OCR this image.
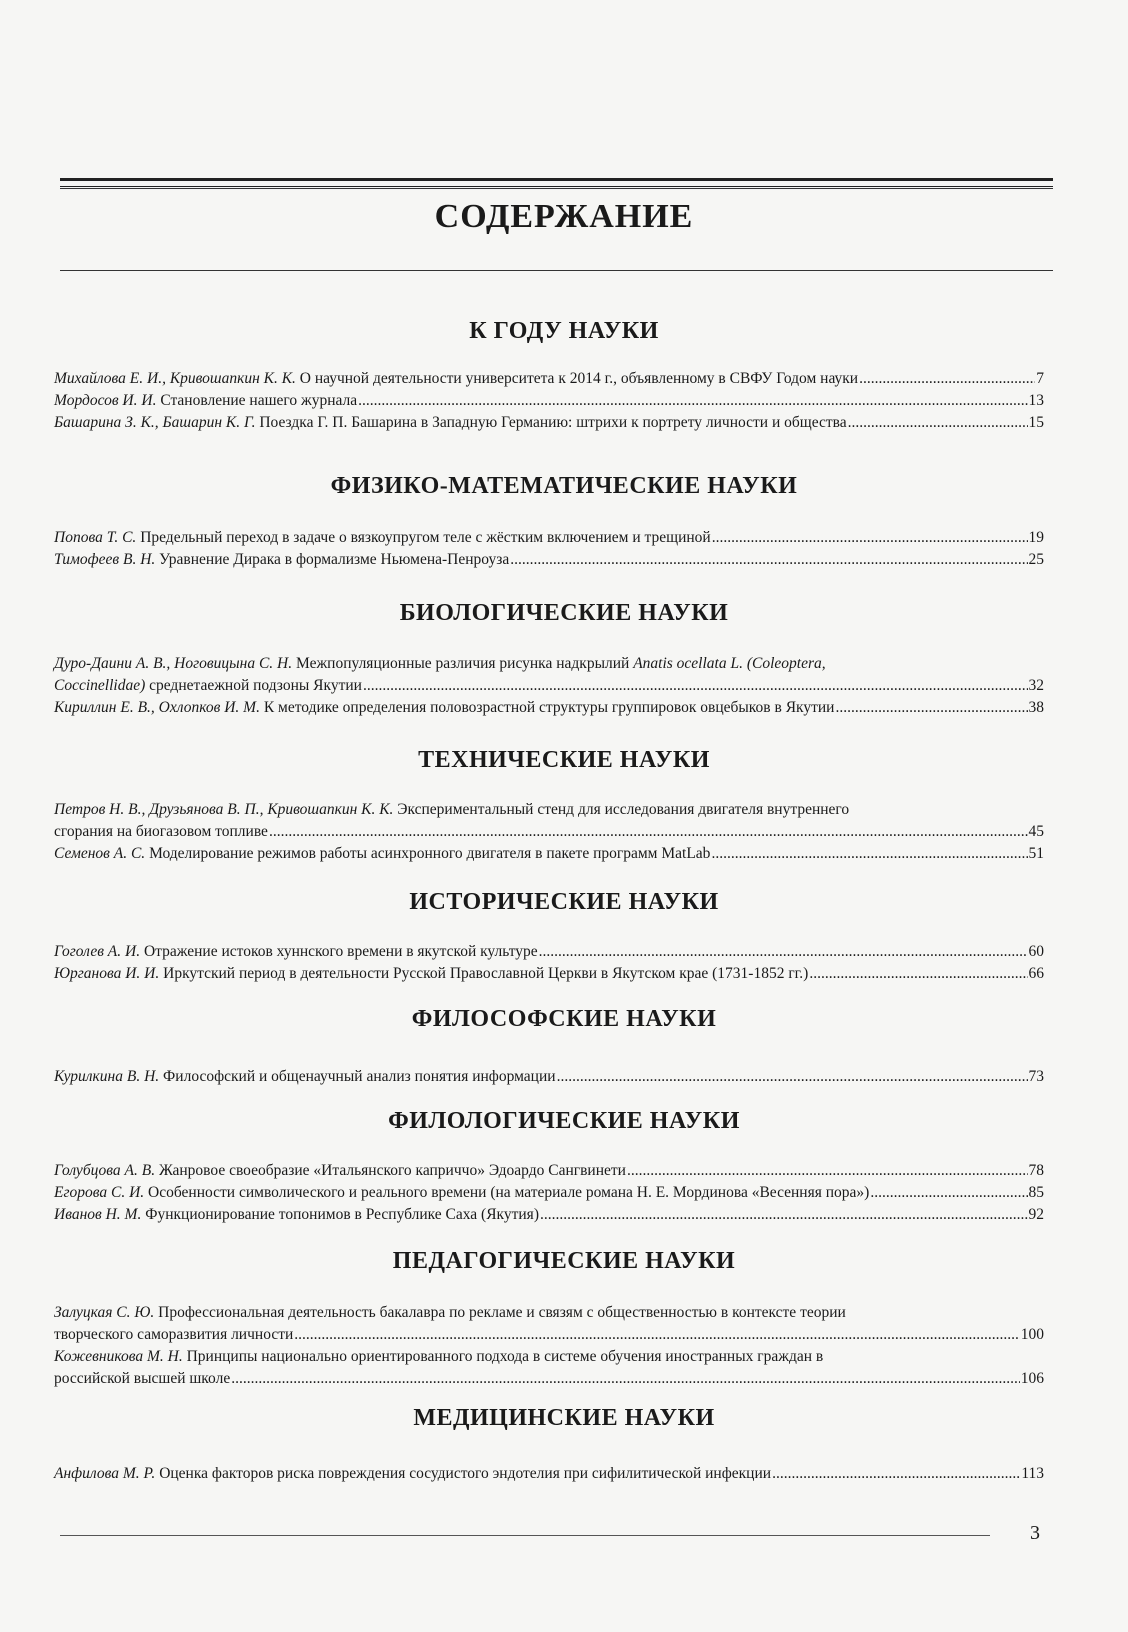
СОДЕРЖАНИЕ
К ГОДУ НАУКИ
Михайлова Е. И., Кривошапкин К. К. О научной деятельности университета к 2014 г., объявленному в СВФУ Годом науки .....	7
Мордосов И. И. Становление нашего журнала .....	13
Башарина З. К., Башарин К. Г. Поездка Г. П. Башарина в Западную Германию: штрихи к портрету личности и общества .....	15
ФИЗИКО-МАТЕМАТИЧЕСКИЕ НАУКИ
Попова Т. С. Предельный переход в задаче о вязкоупругом теле с жёстким включением и трещиной .....	19
Тимофеев В. Н. Уравнение Дирака в формализме Ньюмена-Пенроуза .....	25
БИОЛОГИЧЕСКИЕ НАУКИ
Дуро-Даини А. В., Ноговицына С. Н. Межпопуляционные различия рисунка надкрылий Anatis ocellata L. (Coleoptera,
Coccinellidae) среднетаежной подзоны Якутии .....	32
Кириллин Е. В., Охлопков И. М. К методике определения половозрастной структуры группировок овцебыков в Якутии .....	38
ТЕХНИЧЕСКИЕ НАУКИ
Петров Н. В., Друзьянова В. П., Кривошапкин К. К. Экспериментальный стенд для исследования двигателя внутреннего
сгорания на биогазовом топливе .....	45
Семенов А. С. Моделирование режимов работы асинхронного двигателя в пакете программ MatLab .....	51
ИСТОРИЧЕСКИЕ НАУКИ
Гоголев А. И. Отражение истоков хуннского времени в якутской культуре .....	60
Юрганова И. И. Иркутский период в деятельности Русской Православной Церкви в Якутском крае (1731-1852 гг.) .....	66
ФИЛОСОФСКИЕ НАУКИ
Курилкина В. Н. Философский и общенаучный анализ понятия информации .....	73
ФИЛОЛОГИЧЕСКИЕ НАУКИ
Голубцова А. В. Жанровое своеобразие «Итальянского каприччо» Эдоардо Сангвинети .....	78
Егорова С. И. Особенности символического и реального времени (на материале романа Н. Е. Мординова «Весенняя пора») .....	85
Иванов Н. М. Функционирование топонимов в Республике Саха (Якутия) .....	92
ПЕДАГОГИЧЕСКИЕ НАУКИ
Залуцкая С. Ю. Профессиональная деятельность бакалавра по рекламе и связям с общественностью в контексте теории
творческого саморазвития личности .....	100
Кожевникова М. Н. Принципы национально ориентированного подхода в системе обучения иностранных граждан в
российской высшей школе .....	106
МЕДИЦИНСКИЕ НАУКИ
Анфилова М. Р. Оценка факторов риска повреждения сосудистого эндотелия при сифилитической инфекции .....	113
3
